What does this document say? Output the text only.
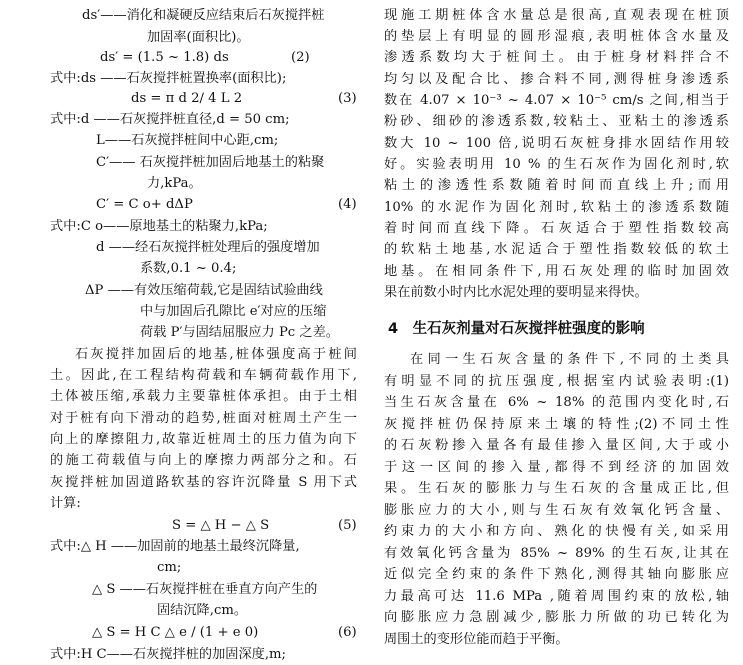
ds′——消化和凝硬反应结束后石灰搅拌桩
加固率(面积比)。
ds′ = (1.5 ~ 1.8) ds	(2)
式中:ds ——石灰搅拌桩置换率(面积比);
ds = π d 2/ 4 L 2	(3)
式中:d ——石灰搅拌桩直径,d = 50 cm;
L——石灰搅拌桩间中心距,cm;
C′—— 石灰搅拌桩加固后地基土的粘聚
力,kPa。
C′ = C o+ dΔP	(4)
式中:C o——原地基土的粘聚力,kPa;
d ——经石灰搅拌桩处理后的强度增加
系数,0.1 ~ 0.4;
ΔP ——有效压缩荷载,它是固结试验曲线
中与加固后孔隙比 e′对应的压缩
荷载 P′与固结屈服应力 Pc 之差。
石灰搅拌加固后的地基,桩体强度高于桩间
土。因此,在工程结构荷载和车辆荷载作用下,
土体被压缩,承载力主要靠桩体承担。由于土相
对于桩有向下滑动的趋势,桩面对桩周土产生一
向上的摩擦阻力,故靠近桩周土的压力值为向下
的施工荷载值与向上的摩擦力两部分之和。石
灰搅拌桩加固道路软基的容许沉降量 S 用下式
计算:
S = △ H − △ S	(5)
式中:△ H ——加固前的地基土最终沉降量,
cm;
△ S ——石灰搅拌桩在垂直方向产生的
固结沉降,cm。
△ S = H C △ e / (1 + e 0)	(6)
式中:H C——石灰搅拌桩的加固深度,m;
现施工期桩体含水量总是很高,直观表现在桩顶
的垫层上有明显的圆形湿痕,表明桩体含水量及
渗透系数均大于桩间土。由于桩身材料拌合不
均匀以及配合比、掺合料不同,测得桩身渗透系
数在 4.07 × 10⁻³ ~ 4.07 × 10⁻⁵ cm/s 之间,相当于
粉砂、细砂的渗透系数,较粘土、亚粘土的渗透系
数大 10 ~ 100 倍,说明石灰桩身排水固结作用较
好。实验表明用 10 % 的生石灰作为固化剂时,软
粘土的渗透性系数随着时间而直线上升;而用
10% 的水泥作为固化剂时,软粘土的渗透系数随
着时间而直线下降。石灰适合于塑性指数较高
的软粘土地基,水泥适合于塑性指数较低的软土
地基。在相同条件下,用石灰处理的临时加固效
果在前数小时内比水泥处理的要明显来得快。
4　生石灰剂量对石灰搅拌桩强度的影响
在同一生石灰含量的条件下,不同的土类具
有明显不同的抗压强度,根据室内试验表明:(1)
当生石灰含量在 6% ~ 18% 的范围内变化时,石
灰搅拌桩仍保持原来土壤的特性;(2)不同土性
的石灰粉掺入量各有最佳掺入量区间,大于或小
于这一区间的掺入量,都得不到经济的加固效
果。生石灰的膨胀力与生石灰的含量成正比,但
膨胀应力的大小,则与生石灰有效氧化钙含量、
约束力的大小和方向、熟化的快慢有关,如采用
有效氧化钙含量为 85% ~ 89% 的生石灰,让其在
近似完全约束的条件下熟化,测得其轴向膨胀应
力最高可达 11.6 MPa ,随着周围约束的放松,轴
向膨胀应力急剧减少,膨胀力所做的功已转化为
周围土的变形位能而趋于平衡。
